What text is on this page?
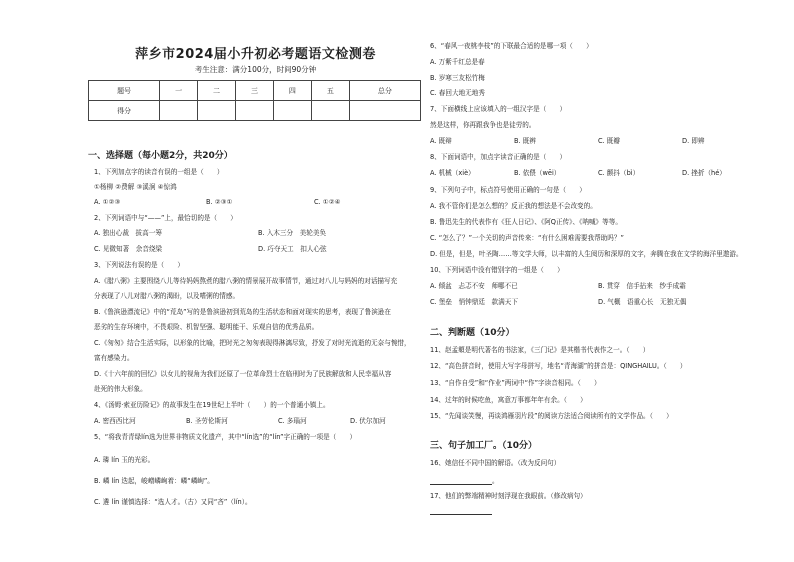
萍乡市2024届小升初必考题语文检测卷
考生注意：满分100分，时间90分钟
题号	一	二	三	四	五	总分
得分						
一、选择题（每小题2分，共20分）
1、下列加点字的读音有误的一组是（　　）
①杨柳 ②费解 ③溪涧 ④惊鸿
A. ①②③	B. ②③①	C. ①②④
2、下列词语中与“——”上，最恰切的是（　　）
A. 独出心裁　拔高一筹	B. 入木三分　美轮美奂
C. 见微知著　余音绕梁	D. 巧夺天工　扣人心弦
3、下列说法有误的是（　　）
A.《腊八粥》主要围绕八儿等待妈妈熬煮的腊八粥的情景展开故事情节，通过对八儿与妈妈的对话描写充
分表现了八儿对腊八粥的渴盼，以及嗜粥的情感。
B.《鲁滨逊漂流记》中的“荒岛”写的是鲁滨逊初到荒岛的生活状态和面对现实的思考，表现了鲁滨逊在
恶劣的生存环境中，不畏艰险、机智坚强、聪明能干、乐观自信的优秀品质。
C.《匆匆》结合生活实际，以形象的比喻，把时光之匆匆表现得淋漓尽致，抒发了对时光流逝的无奈与惋惜，
富有感染力。
D.《十六年前的回忆》以女儿的视角为我们还原了一位革命烈士在临刑时为了民族解放和人民幸福从容
赴死的伟大形象。
4、《汤姆·索亚历险记》的故事发生在19世纪上半叶（　　）的一个普通小镇上。
A. 密西西比河	B. 圣劳伦斯河	C. 多瑙河	D. 伏尔加河
5、“将我青青绿lín选为世界非物质文化遗产，其中“lín选”的“lín”字正确的一项是（　　）
A. 璘 lín 玉的光彩。
B. 嶙 lín 迭起，峻嶒嶙峋着：嶙“嶙峋”。
C. 遴 lín 谨慎选择：“选人才。（古）又同“吝”（lín）。
6、“春风一夜桃李枝”的下联最合适的是哪一项（　　）
A. 万紫千红总是春
B. 岁寒三友松竹梅
C. 春回大地无地秀
7、下面横线上应该填入的一组汉字是（　　）
然是这样，你再跟我争也是徒劳的。
A. 既辩	B. 既辨	C. 既瓣	D. 即辨
8、下面词语中，加点字读音正确的是（　　）
A. 机械（xiè）	B. 依偎（wēi）	C. 颤抖（bì）	D. 挫折（hé）
9、下列句子中，标点符号使用正确的一句是（　　）
A. 我不管你们是怎么想的？反正我的想法是不会改变的。
B. 鲁迅先生的代表作有《狂人日记》、《阿Q正传》、《呐喊》等等。
C. “怎么了？”一个关切的声音传来：“有什么困难需要我帮助吗？”
D. 但是，但是，叶圣陶……等文学大师，以丰富的人生阅历和深厚的文字，奔腾在我在文学的海洋里遨游。
10、下列词语中没有错别字的一组是（　　）
A. 倾盆　忐忑不安　师哪不已	B. 贯穿　信手拈来　纱手成霜
C. 堡垒　悄钟鼎廷　款满天下	D. 气概　语重心长　无独无偶
二、判断题（10分）
11、赵孟頫是明代著名的书法家，《三门记》是其楷书代表作之一。（　　）
12、“高色拼音时，使用大写字母拼写，地名“青海湖”的拼音是：QINGHAILU。（　　）
13、“自作自受”和“作业”两词中“作”字读音相同。（　　）
14、过年的时候吃鱼，寓意万事都年年有余。（　　）
15、“先闻谈笑慢，再谈鸿雁羽片段”的阅读方法适合阅读所有的文学作品。（　　）
三、句子加工厂。（10分）
16、她信任不同中国的解语。（改为反问句）
。
17、他们的弊端精神时刻浮现在我眼前。（修改病句）
